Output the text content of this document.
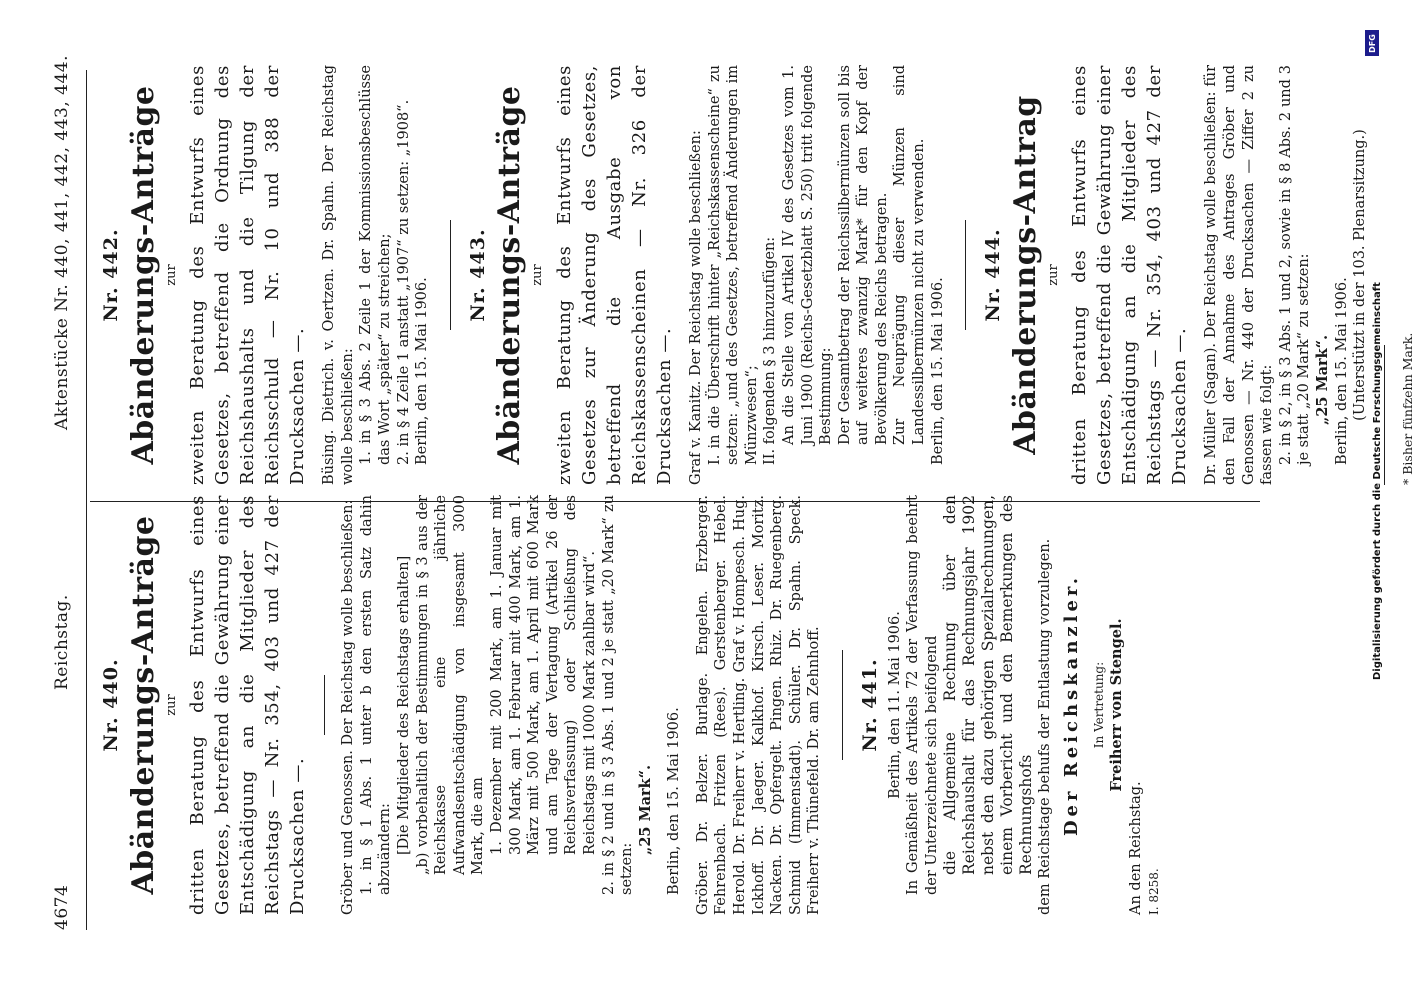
4674
Reichstag.
Aktenstücke Nr. 440, 441, 442, 443, 444.
Nr. 440. Abänderungs-Anträge zur dritten Beratung des Entwurfs eines Gesetzes, betreffend die Gewährung einer Entschädigung an die Mitglieder des Reichstags — Nr. 354, 403 und 427 der Drucksachen —. Gröber und Genossen. Der Reichstag wolle beschließen: 1. in § 1 Abs. 1 unter b den ersten Satz dahin abzuändern: [Die Mitglieder des Reichstags erhalten] „b) vorbehaltlich der Bestimmungen in § 3 aus der Reichskasse eine jährliche Aufwandsentschädigung von insgesamt 3000 Mark, die am 1. Dezember mit 200 Mark, am 1. Januar mit 300 Mark, am 1. Februar mit 400 Mark, am 1. März mit 500 Mark, am 1. April mit 600 Mark und am Tage der Vertagung (Artikel 26 der Reichsverfassung) oder Schließung des Reichstags mit 1000 Mark zahlbar wird“. 2. in § 2 und in § 3 Abs. 1 und 2 je statt „20 Mark“ zu setzen:

„25 Mark“. Berlin, den 15. Mai 1906. Gröber. Dr. Belzer. Burlage. Engelen. Erzberger. Fehrenbach. Fritzen (Rees). Gerstenberger. Hebel. Herold. Dr. Freiherr v. Hertling. Graf v. Hompesch. Hug. Ickhoff. Dr. Jaeger. Kalkhof. Kirsch. Leser. Moritz. Nacken. Dr. Opfergelt. Pingen. Rhiz. Dr. Ruegenberg. Schmid (Immenstadt). Schüler. Dr. Spahn. Speck. Freiherr v. Thünefeld. Dr. am Zehnhoff. Nr. 441. Berlin, den 11. Mai 1906. In Gemäßheit des Artikels 72 der Verfassung beehrt der Unterzeichnete sich beifolgend die Allgemeine Rechnung über den Reichshaushalt für das Rechnungsjahr 1902 nebst den dazu gehörigen Spezialrechnungen, einem Vorbericht und den Bemerkungen des Rechnungshofs dem Reichstage behufs der Entlastung vorzulegen. Der Reichskanzler. In Vertretung: Freiherr von Stengel.

An den Reichstag. I. 8258.

Nr. 442. Abänderungs-Anträge zur zweiten Beratung des Entwurfs eines Gesetzes, betreffend die Ordnung des Reichshaushalts und die Tilgung der Reichsschuld — Nr. 10 und 388 der Drucksachen —. Büsing. Dietrich. v. Oertzen. Dr. Spahn. Der Reichstag wolle beschließen: 1. in § 3 Abs. 2 Zeile 1 der Kommissionsbeschlüsse das Wort „später“ zu streichen; 2. in § 4 Zeile 1 anstatt „1907“ zu setzen: „1908“. Berlin, den 15. Mai 1906.

Nr. 443. Abänderungs-Anträge zur zweiten Beratung des Entwurfs eines Gesetzes zur Änderung des Gesetzes, betreffend die Ausgabe von Reichskassenscheinen — Nr. 326 der Drucksachen —. Graf v. Kanitz. Der Reichstag wolle beschließen: I. in die Überschrift hinter „Reichskassenscheine“ zu setzen: „und des Gesetzes, betreffend Änderungen im Münzwesen“; II. folgenden § 3 hinzuzufügen: An die Stelle von Artikel IV des Gesetzes vom 1. Juni 1900 (Reichs-Gesetzblatt S. 250) tritt folgende Bestimmung: Der Gesamtbetrag der Reichssilbermünzen soll bis auf weiteres zwanzig Mark* für den Kopf der Bevölkerung des Reichs betragen. Zur Neuprägung dieser Münzen sind Landessilbermünzen nicht zu verwenden. Berlin, den 15. Mai 1906.

Nr. 444. Abänderungs-Antrag zur dritten Beratung des Entwurfs eines Gesetzes, betreffend die Gewährung einer Entschädigung an die Mitglieder des Reichstags — Nr. 354, 403 und 427 der Drucksachen —. Dr. Müller (Sagan). Der Reichstag wolle beschließen: für den Fall der Annahme des Antrages Gröber und Genossen — Nr. 440 der Drucksachen — Ziffer 2 zu fassen wie folgt: 2. in § 2, in § 3 Abs. 1 und 2, sowie in § 8 Abs. 2 und 3 je statt „20 Mark“ zu setzen: „25 Mark“. Berlin, den 15. Mai 1906. (Unterstützt in der 103. Plenarsitzung.)	* Bisher fünfzehn Mark.

DFG
Digitalisierung gefördert durch die Deutsche Forschungsgemeinschaft
